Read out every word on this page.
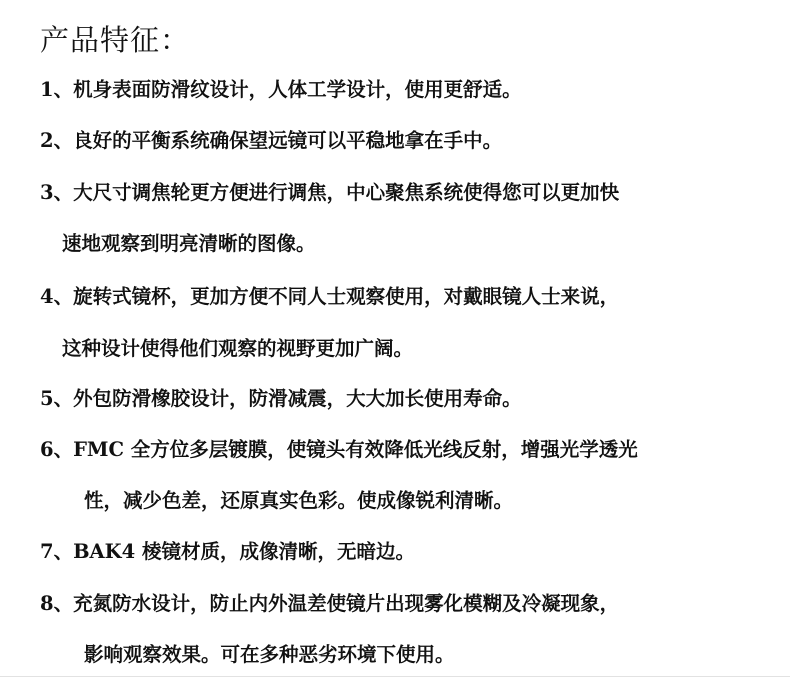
产品特征：
1、机身表面防滑纹设计，人体工学设计，使用更舒适。
2、良好的平衡系统确保望远镜可以平稳地拿在手中。
3、大尺寸调焦轮更方便进行调焦，中心聚焦系统使得您可以更加快
速地观察到明亮清晰的图像。
4、旋转式镜杯，更加方便不同人士观察使用，对戴眼镜人士来说，
这种设计使得他们观察的视野更加广阔。
5、外包防滑橡胶设计，防滑减震，大大加长使用寿命。
6、FMC 全方位多层镀膜，使镜头有效降低光线反射，增强光学透光
性，减少色差，还原真实色彩。使成像锐利清晰。
7、BAK4 棱镜材质，成像清晰，无暗边。
8、充氮防水设计，防止内外温差使镜片出现雾化模糊及冷凝现象，
影响观察效果。可在多种恶劣环境下使用。
